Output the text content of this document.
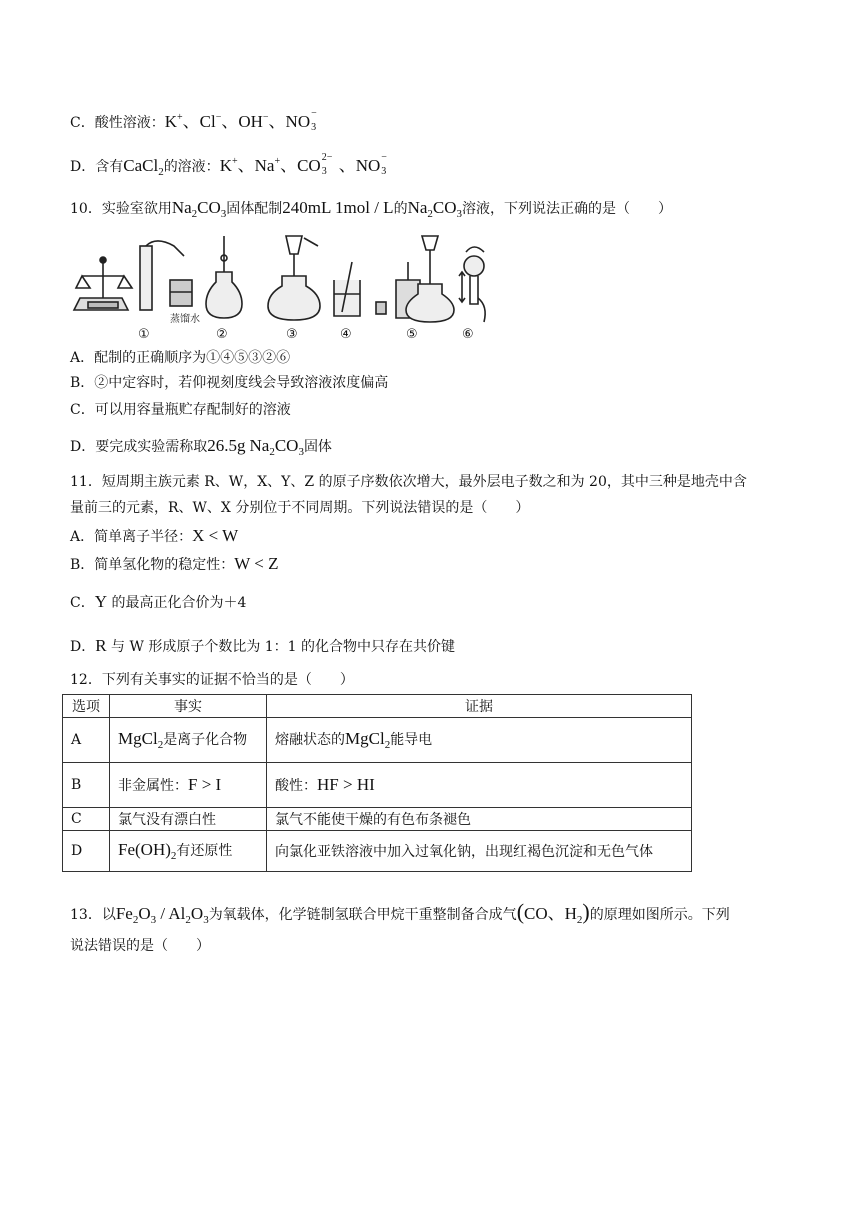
C．酸性溶液：K+、Cl−、OH−、NO −
3
D．含有CaCl$_2$的溶液：K+、Na+、CO 2−
3 、NO −
3
10．实验室欲用$Na_2CO_3$固体配制240mL 1mol / L的$Na_2CO_3$溶液，下列说法正确的是（　　）
蒸馏水
①	②	③	④	⑤	⑥
A．配制的正确顺序为①④⑤③②⑥
B．②中定容时，若仰视刻度线会导致溶液浓度偏高
C．可以用容量瓶贮存配制好的溶液
D．要完成实验需称取26.5g $Na_2CO_3$固体
11．短周期主族元素 R、W，X、Y、Z 的原子序数依次增大，最外层电子数之和为 20，其中三种是地壳中含
量前三的元素，R、W、X 分别位于不同周期。下列说法错误的是（　　）
A．简单离子半径：X < W
B．简单氢化物的稳定性：W < Z
C．Y 的最高正化合价为＋4
D．R 与 W 形成原子个数比为 1：1 的化合物中只存在共价键
12．下列有关事实的证据不恰当的是（　　）
选项	事实	证据
A	MgCl$_2$是离子化合物	熔融状态的MgCl$_2$能导电
B	非金属性：F > I	酸性：HF > HI
C	氯气没有漂白性	氯气不能使干燥的有色布条褪色
D	$Fe(OH)_2$有还原性	向氯化亚铁溶液中加入过氧化钠，出现红褐色沉淀和无色气体
13．以$Fe_2O_3 / Al_2O_3$为氧载体，化学链制氢联合甲烷干重整制备合成气(CO、$H_2$)的原理如图所示。下列
说法错误的是（　　）
